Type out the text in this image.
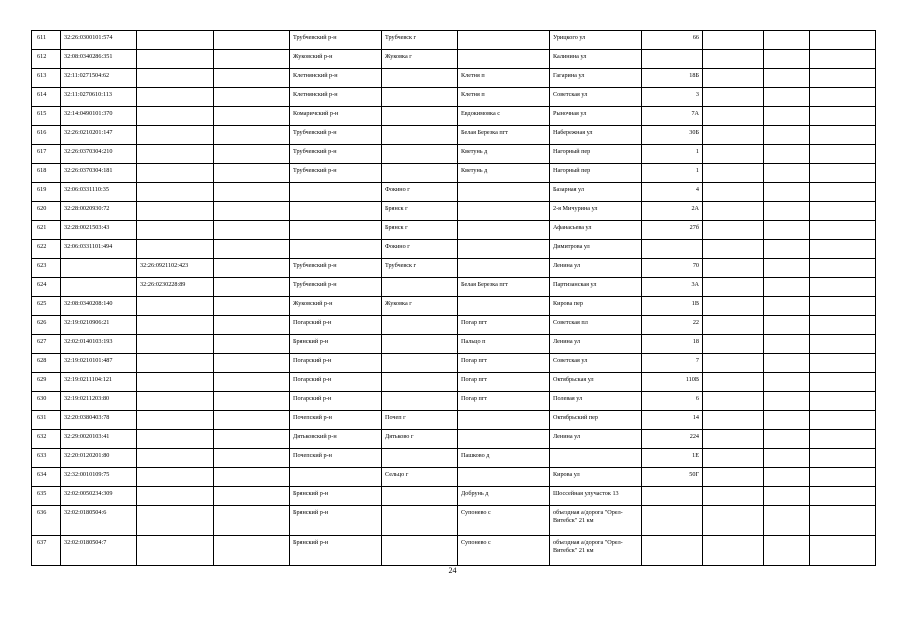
611	32:26:0300101:574			Трубчевский р-н	Трубчевск г		Урицкого ул	66			
612	32:08:0340286:351			Жуковский р-н	Жуковка г		Калинина ул				
613	32:11:0271504:62			Клетнянский р-н		Клетня п	Гагарина ул	18Б			
614	32:11:0270610:113			Клетнянский р-н		Клетня п	Советская ул	3			
615	32:14:0490101:370			Комаричский р-н		Евдокимовка с	Рыночная ул	7А			
616	32:26:0210201:147			Трубчевский р-н		Белая Березка пгт	Набережная ул	30Б			
617	32:26:0370304:210			Трубчевский р-н		Кветунь д	Нагорный пер	1			
618	32:26:0370304:181			Трубчевский р-н		Кветунь д	Нагорный пер	1			
619	32:06:0331110:35				Фокино г		Базарная ул	4			
620	32:28:0020930:72				Брянск г		2-я Мичурина ул	2А			
621	32:28:0021503:43				Брянск г		Афанасьева ул	27б			
622	32:06:0331101:494				Фокино г		Димитрова ул				
623		32:26:0921102:423		Трубчевский р-н	Трубчевск г		Ленина ул	70			
624		32:26:0230228:89		Трубчевский р-н		Белая Березка пгт	Партизанская ул	3А			
625	32:08:0340208:140			Жуковский р-н	Жуковка г		Кирова пер	1В			
626	32:19:0210906:21			Погарский р-н		Погар пгт	Советская пл	22			
627	32:02:0140103:193			Брянский р-н		Пальцо п	Ленина ул	18			
628	32:19:0210101:487			Погарский р-н		Погар пгт	Советская ул	7			
629	32:19:0211104:121			Погарский р-н		Погар пгт	Октябрьская ул	110В			
630	32:19:0211203:80			Погарский р-н		Погар пгт	Полевая ул	6			
631	32:20:0380403:78			Почепский р-н	Почеп г		Октябрьский пер	14			
632	32:29:0020103:41			Дятьковский р-н	Дятьково г		Ленина ул	224			
633	32:20:0120201:80			Почепский р-н		Пашково д		1Е			
634	32:32:0010109:75				Сельцо г		Кирова ул	50Г			
635	32:02:0050234:309			Брянский р-н		Добрунь д	Шоссейная улучасток 13				
636	32:02:0180504:6			Брянский р-н		Супонево с	объездная а/дорога "Орел-Витебск" 21 км				
637	32:02:0180504:7			Брянский р-н		Супонево с	объездная а/дорога "Орел-Витебск" 21 км				
24
